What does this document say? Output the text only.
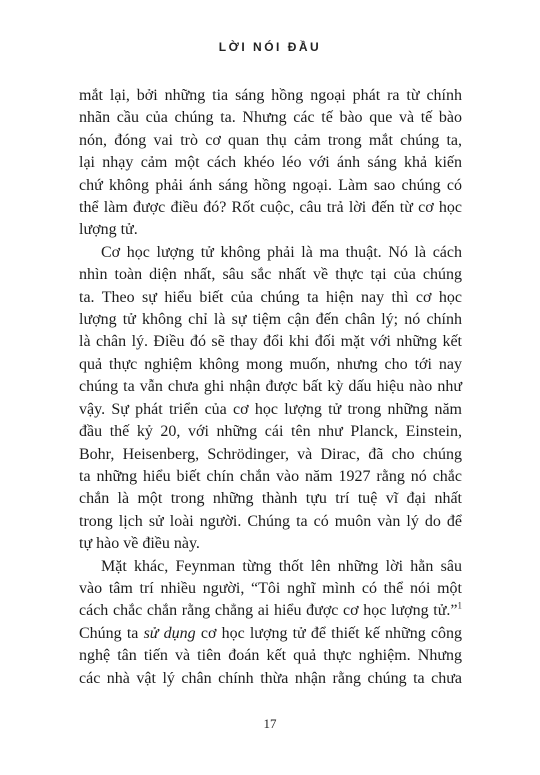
LỜI NÓI ĐẦU

mắt lại, bởi những tia sáng hồng ngoại phát ra từ chính
nhãn cầu của chúng ta. Nhưng các tế bào que và tế bào
nón, đóng vai trò cơ quan thụ cảm trong mắt chúng ta,
lại nhạy cảm một cách khéo léo với ánh sáng khả kiến
chứ không phải ánh sáng hồng ngoại. Làm sao chúng có
thể làm được điều đó? Rốt cuộc, câu trả lời đến từ cơ học
lượng tử.

Cơ học lượng tử không phải là ma thuật. Nó là cách
nhìn toàn diện nhất, sâu sắc nhất về thực tại của chúng
ta. Theo sự hiểu biết của chúng ta hiện nay thì cơ học
lượng tử không chỉ là sự tiệm cận đến chân lý; nó chính
là chân lý. Điều đó sẽ thay đổi khi đối mặt với những kết
quả thực nghiệm không mong muốn, nhưng cho tới nay
chúng ta vẫn chưa ghi nhận được bất kỳ dấu hiệu nào như
vậy. Sự phát triển của cơ học lượng tử trong những năm
đầu thế kỷ 20, với những cái tên như Planck, Einstein,
Bohr, Heisenberg, Schrödinger, và Dirac, đã cho chúng
ta những hiểu biết chín chắn vào năm 1927 rằng nó chắc
chắn là một trong những thành tựu trí tuệ vĩ đại nhất
trong lịch sử loài người. Chúng ta có muôn vàn lý do để
tự hào về điều này.

Mặt khác, Feynman từng thốt lên những lời hằn sâu
vào tâm trí nhiều người, “Tôi nghĩ mình có thể nói một
cách chắc chắn rằng chẳng ai hiểu được cơ học lượng tử.”$^1$
Chúng ta sử dụng cơ học lượng tử để thiết kế những công
nghệ tân tiến và tiên đoán kết quả thực nghiệm. Nhưng
các nhà vật lý chân chính thừa nhận rằng chúng ta chưa

17
